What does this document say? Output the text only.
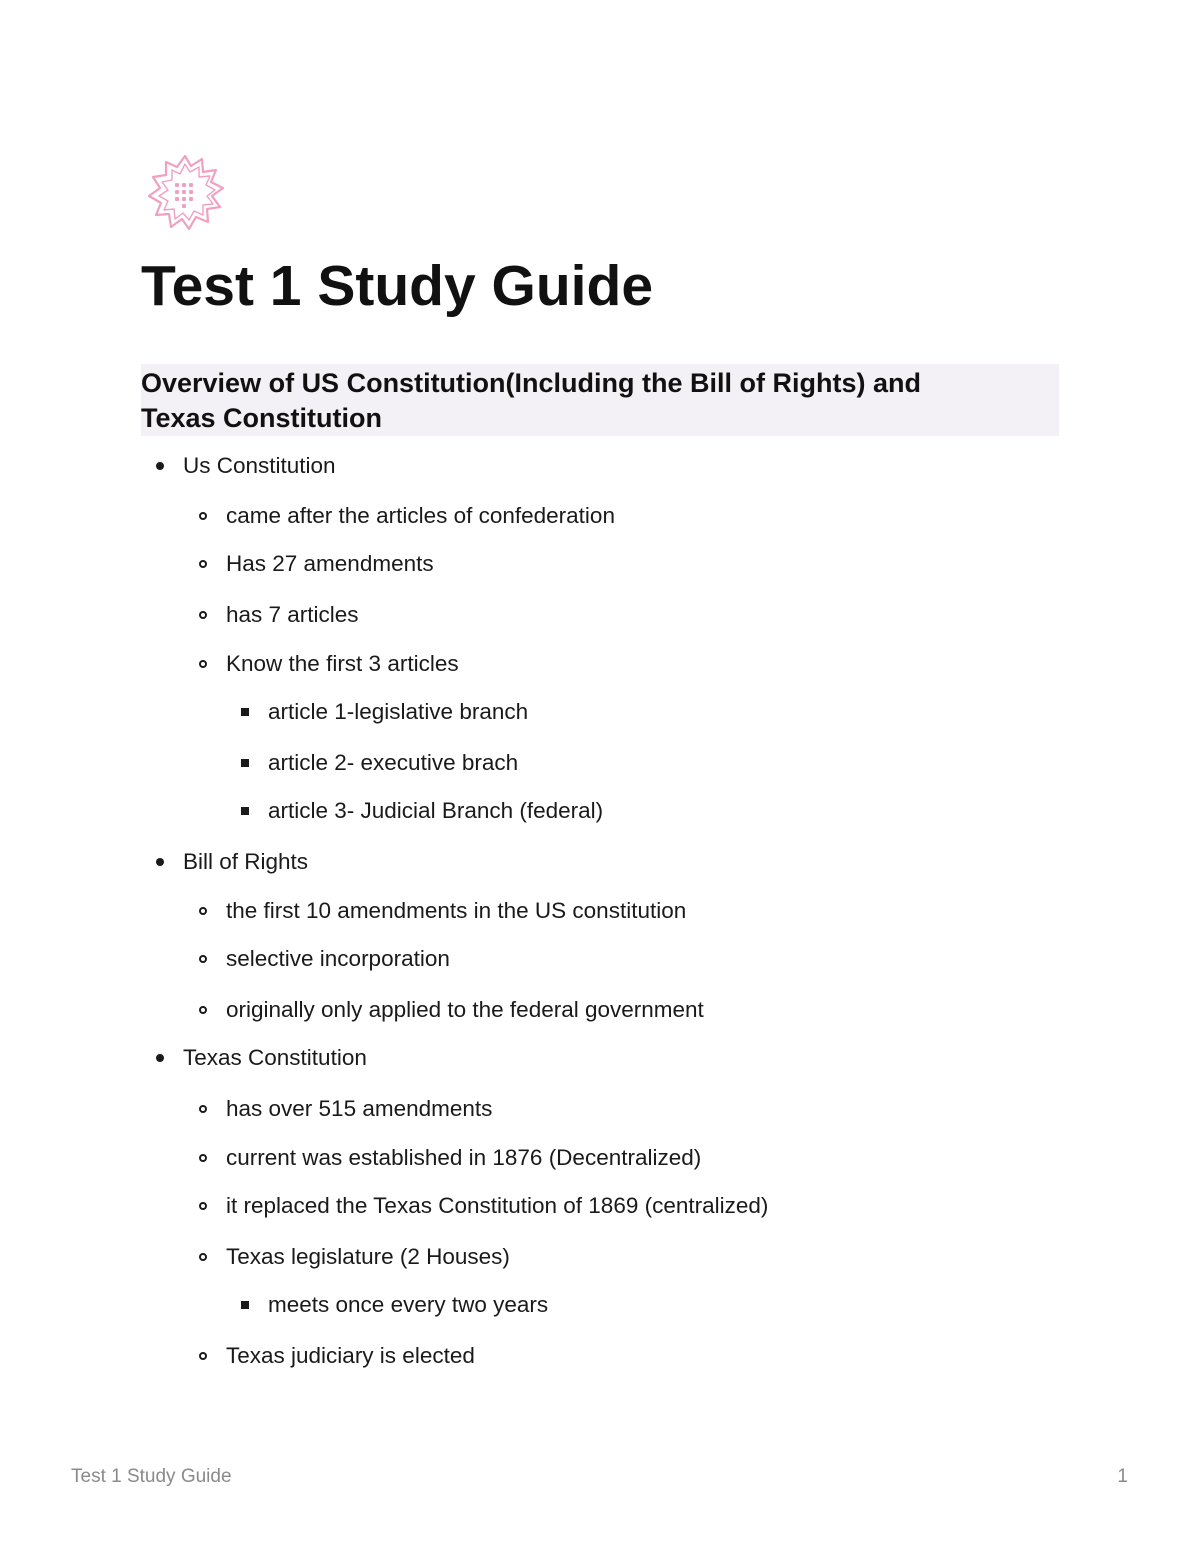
Test 1 Study Guide
Overview of US Constitution(Including the Bill of Rights) and
Texas Constitution
Us Constitution
came after the articles of confederation
Has 27 amendments
has 7 articles
Know the first 3 articles
article 1-legislative branch
article 2- executive brach
article 3- Judicial Branch (federal)
Bill of Rights
the first 10 amendments in the US constitution
selective incorporation
originally only applied to the federal government
Texas Constitution
has over 515 amendments
current was established in 1876 (Decentralized)
it replaced the Texas Constitution of 1869 (centralized)
Texas legislature (2 Houses)
meets once every two years
Texas judiciary is elected
Test 1 Study Guide	1
